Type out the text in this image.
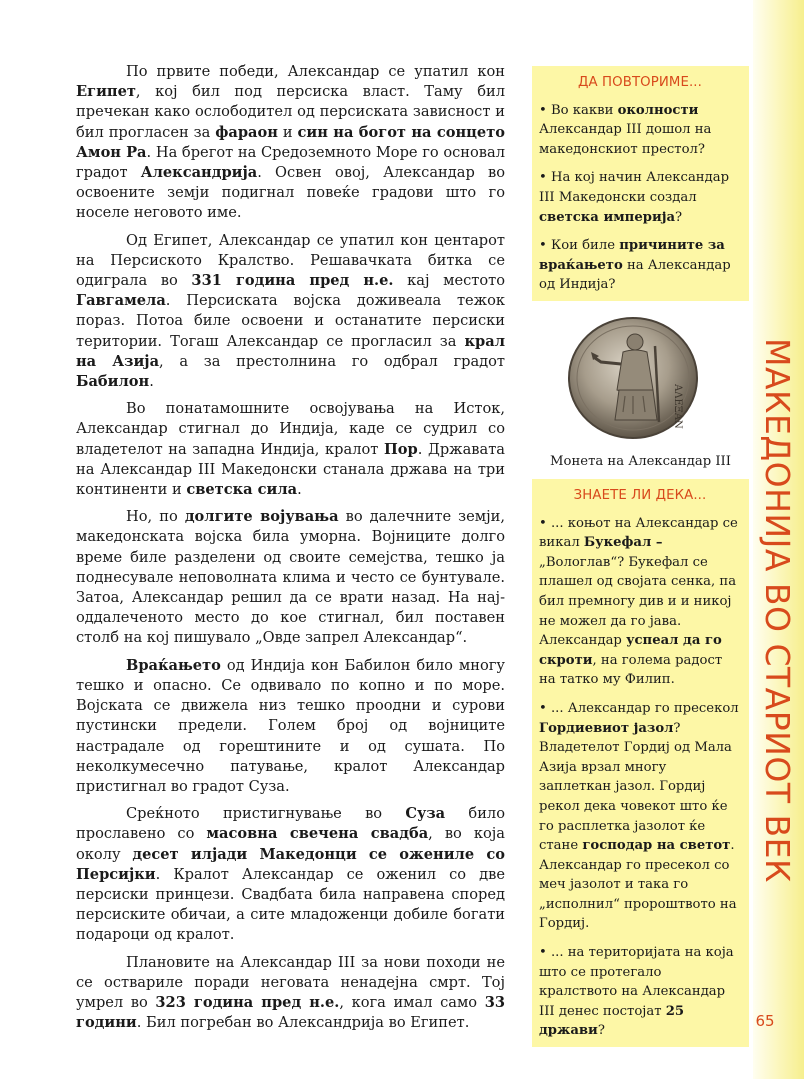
МАКЕДОНИЈА ВО СТАРИОТ ВЕК

По првите победи, Александар се упатил кон Египет, кој бил под персиска власт. Таму бил пречекан како ослободител од персиската зависност и бил прогласен за фараон и син на богот на сонцето Амон Ра. На брегот на Средоземното Море го основал градот Александрија. Освен овој, Александар во освоените земји подигнал повеќе градови што го носеле неговото име.

Од Египет, Александар се упатил кон центарот на Персиското Кралство. Решавачката битка се одиграла во 331 година пред н.е. кај местото Гавгамела. Персиската војска доживеала тежок пораз. Потоа биле освоени и останатите персиски територии. Тогаш Александар се прогласил за крал на Азија, а за престолнина го одбрал градот Бабилон.

Во понатамошните освојувања на Исток, Александар стигнал до Индија, каде се судрил со владетелот на западна Индија, кралот Пор. Државата на Александар III Македонски станала држава на три континенти и светска сила.

Но, по долгите војувања во далечните земји, македонската војска била уморна. Војниците долго време биле разделени од своите семејства, тешко ја поднесувале неповолната клима и често се бунтувале. Затоа, Александар решил да се врати назад. На нај-оддалеченото место до кое стигнал, бил поставен столб на кој пишувало „Овде запрел Александар“.

Враќањето од Индија кон Бабилон било многу тешко и опасно. Се одвивало по копно и по море. Војската се движела низ тешко проодни и сурови пустински предели. Голем број од војниците настрадале од горештините и од сушата. По неколкумесечно патување, кралот Александар пристигнал во градот Суза.

Среќното пристигнување во Суза било прославено со масовна свечена свадба, во која околу десет илјади Македонци се ожениле со Персијки. Кралот Александар се оженил со две персиски принцези. Свадбата била направена според персиските обичаи, а сите младоженци добиле богати подароци од кралот.

Плановите на Александар III за нови походи не се оствариле поради неговата ненадејна смрт. Тој умрел во 323 година пред н.е., кога имал само 33 години. Бил погребан во Александрија во Египет.

ДА ПОВТОРИМЕ...
• Во какви околности Александар III дошол на македонскиот престол?
• На кој начин Александар III Македонски создал светска империја?
• Кои биле причините за враќањето на Александар од Индија?
ΑΛΕΞΑΝ

Монета на Александар III

ЗНАЕТЕ ЛИ ДЕКА...
• ... коњот на Александар се викал Букефал – „Вологлав“? Букефал се плашел од својата сенка, па бил премногу див и и никој не можел да го јава. Александар успеал да го скроти, на голема радост на татко му Филип.
• ... Александар го пресекол Гордиевиот јазол? Владетелот Гордиј од Мала Азија врзал многу заплеткан јазол. Гордиј рекол дека човекот што ќе го расплетка јазолот ќе стане господар на светот. Александар го пресекол со меч јазолот и така го „исполнил“ пророштвото на Гордиј.
• ... на територијата на која што се протегало кралството на Александар III денес постојат 25 држави?
65
